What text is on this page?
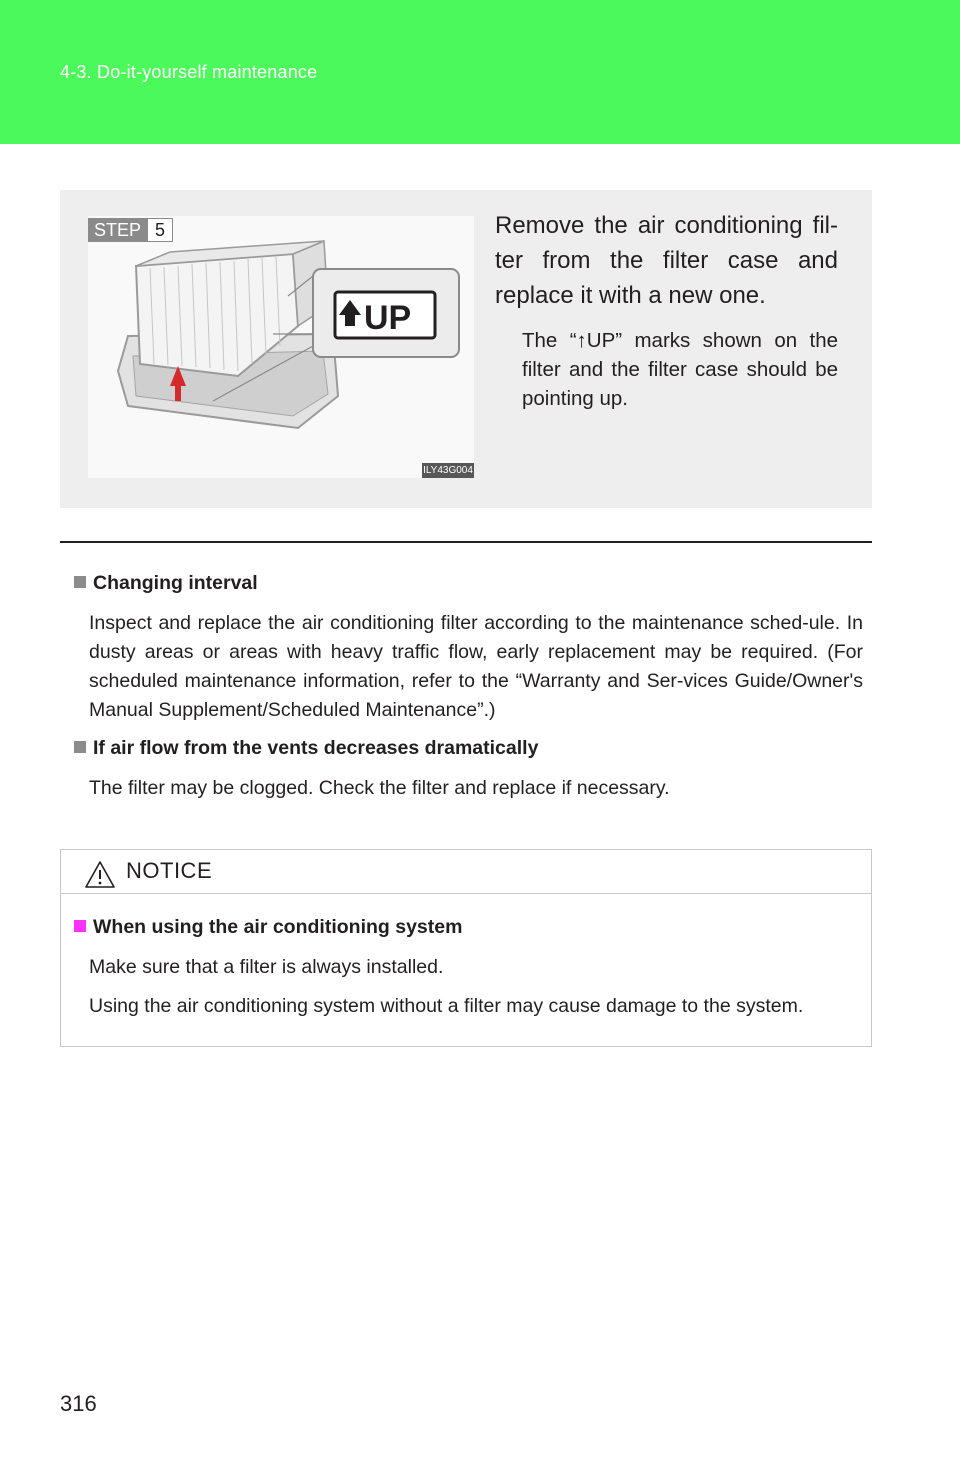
4-3. Do-it-yourself maintenance
UP
STEP 5
ILY43G004
Remove the air conditioning fil-ter from the filter case and replace it with a new one.
The “↑UP” marks shown on the filter and the filter case should be pointing up.
Changing interval
Inspect and replace the air conditioning filter according to the maintenance sched-ule. In dusty areas or areas with heavy traffic flow, early replacement may be required. (For scheduled maintenance information, refer to the “Warranty and Ser-vices Guide/Owner's Manual Supplement/Scheduled Maintenance”.)
If air flow from the vents decreases dramatically
The filter may be clogged. Check the filter and replace if necessary.
NOTICE
When using the air conditioning system
Make sure that a filter is always installed.
Using the air conditioning system without a filter may cause damage to the system.
316
